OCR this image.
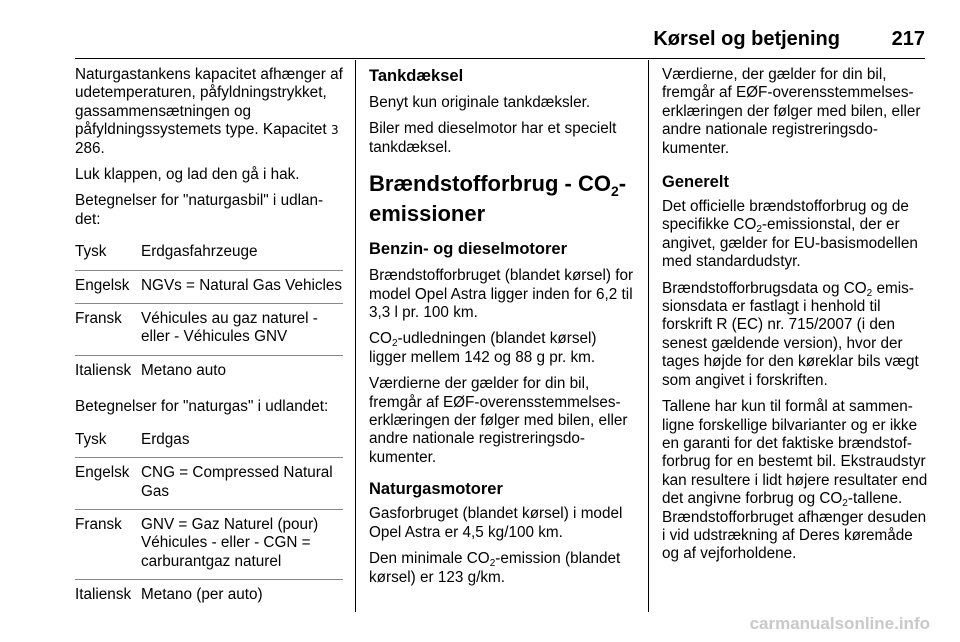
Kørsel og betjening	217

Naturgastankens kapacitet afhænger af udetemperaturen, påfyldningstrykket, gassammensætningen og påfyldningssystemets type. Kapacitet 3 286.

Luk klappen, og lad den gå i hak.

Betegnelser for "naturgasbil" i udlandet:

Tysk	Erdgasfahrzeuge
Engelsk	NGVs = Natural Gas Vehicles
Fransk	Véhicules au gaz naturel - eller - Véhicules GNV
Italiensk	Metano auto

Betegnelser for "naturgas" i udlandet:

Tysk	Erdgas
Engelsk	CNG = Compressed Natural Gas
Fransk	GNV = Gaz Naturel (pour) Véhicules - eller - CGN = carburantgaz naturel
Italiensk	Metano (per auto)
Tankdæksel

Benyt kun originale tankdæksler.

Biler med dieselmotor har et specielt tankdæksel.

Brændstofforbrug - $CO_2$-emissioner
Benzin- og dieselmotorer

Brændstofforbruget (blandet kørsel) for model Opel Astra ligger inden for 6,2 til 3,3 l pr. 100 km.

$CO_2$-udledningen (blandet kørsel) ligger mellem 142 og 88 g pr. km.

Værdierne der gælder for din bil, fremgår af EØF-overensstemmelseserklæringen der følger med bilen, eller andre nationale registreringsdokumenter.

Naturgasmotorer

Gasforbruget (blandet kørsel) i model Opel Astra er 4,5 kg/100 km.

Den minimale $CO_2$-emission (blandet kørsel) er 123 g/km.

Værdierne, der gælder for din bil, fremgår af EØF-overensstemmelseserklæringen der følger med bilen, eller andre nationale registreringsdokumenter.

Generelt

Det officielle brændstofforbrug og de specifikke $CO_2$-emissionstal, der er angivet, gælder for EU-basismodellen med standardudstyr.

Brændstofforbrugsdata og $CO_2$ emissionsdata er fastlagt i henhold til forskrift R (EC) nr. 715/2007 (i den senest gældende version), hvor der tages højde for den køreklar bils vægt som angivet i forskriften.

Tallene har kun til formål at sammenligne forskellige bilvarianter og er ikke en garanti for det faktiske brændstofforbrug for en bestemt bil. Ekstraudstyr kan resultere i lidt højere resultater end det angivne forbrug og $CO_2$-tallene. Brændstofforbruget afhænger desuden i vid udstrækning af Deres køremåde og af vejforholdene.

carmanualsonline.info
